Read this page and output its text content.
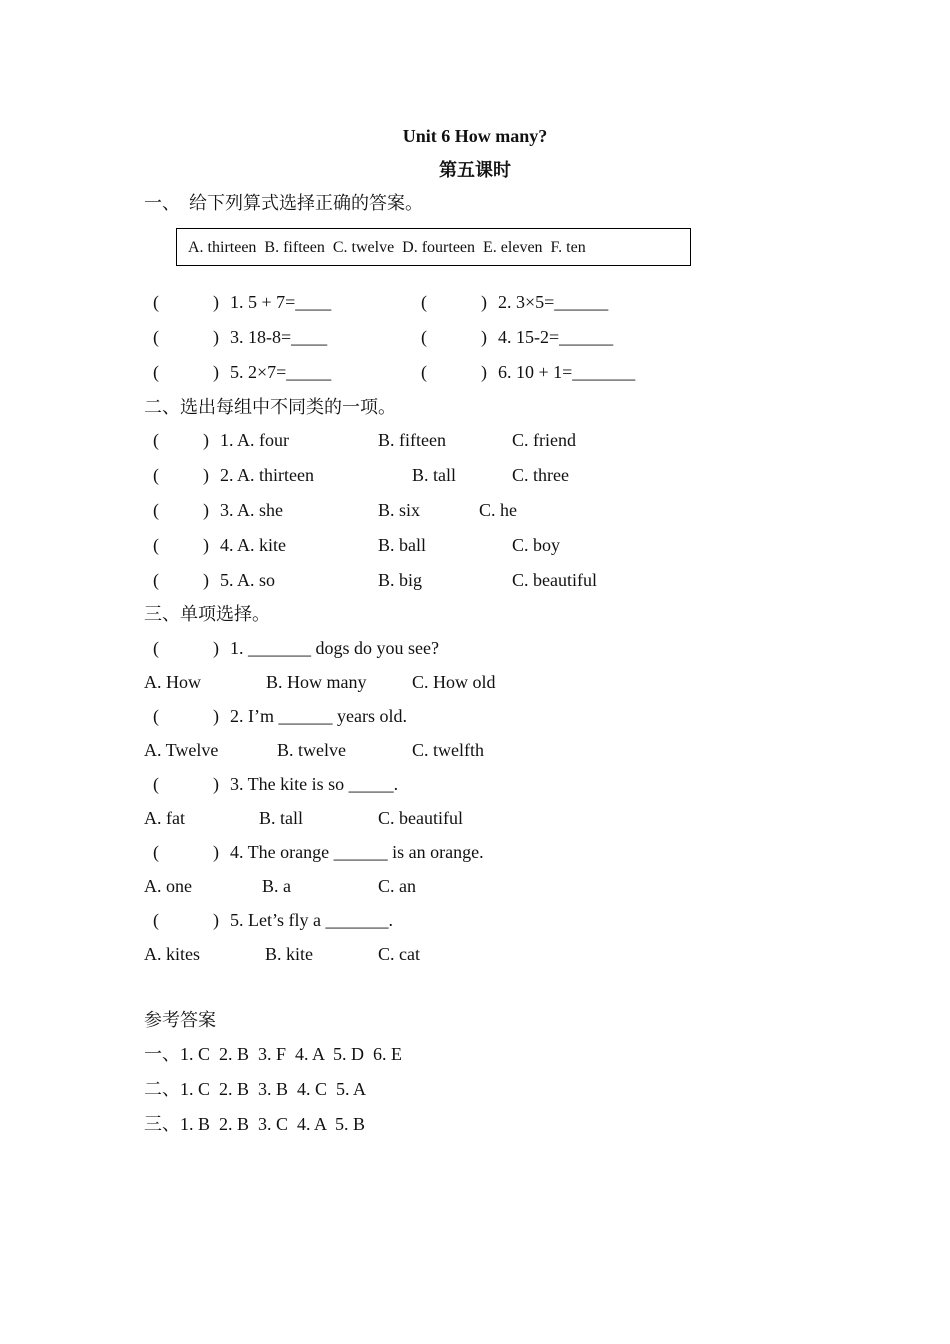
Unit 6 How many?
第五课时
一、  给下列算式选择正确的答案。
A. thirteen  B. fifteen  C. twelve  D. fourteen  E. eleven  F. ten
(	) 1. 5 + 7=____	(	) 2. 3×5=______
(	) 3. 18-8=____	(	) 4. 15-2=______
(	) 5. 2×7=_____	(	) 6. 10 + 1=_______
二、选出每组中不同类的一项。
( ) 1. A. four	B. fifteen	C. friend
( ) 2. A. thirteen	B. tall	C. three
( ) 3. A. she	B. six	C. he
( ) 4. A. kite	B. ball	C. boy
( ) 5. A. so	B. big	C. beautiful
三、单项选择。
(	) 1. _______ dogs do you see?
A. How	B. How many	C. How old
(	) 2. I’m ______ years old.
A. Twelve	B. twelve	C. twelfth
(	) 3. The kite is so _____.
A. fat	B. tall	C. beautiful
(	) 4. The orange ______ is an orange.
A. one	B. a	C. an
(	) 5. Let’s fly a _______.
A. kites	B. kite	C. cat
参考答案
一、1. C  2. B  3. F  4. A  5. D  6. E
二、1. C  2. B  3. B  4. C  5. A
三、1. B  2. B  3. C  4. A  5. B
